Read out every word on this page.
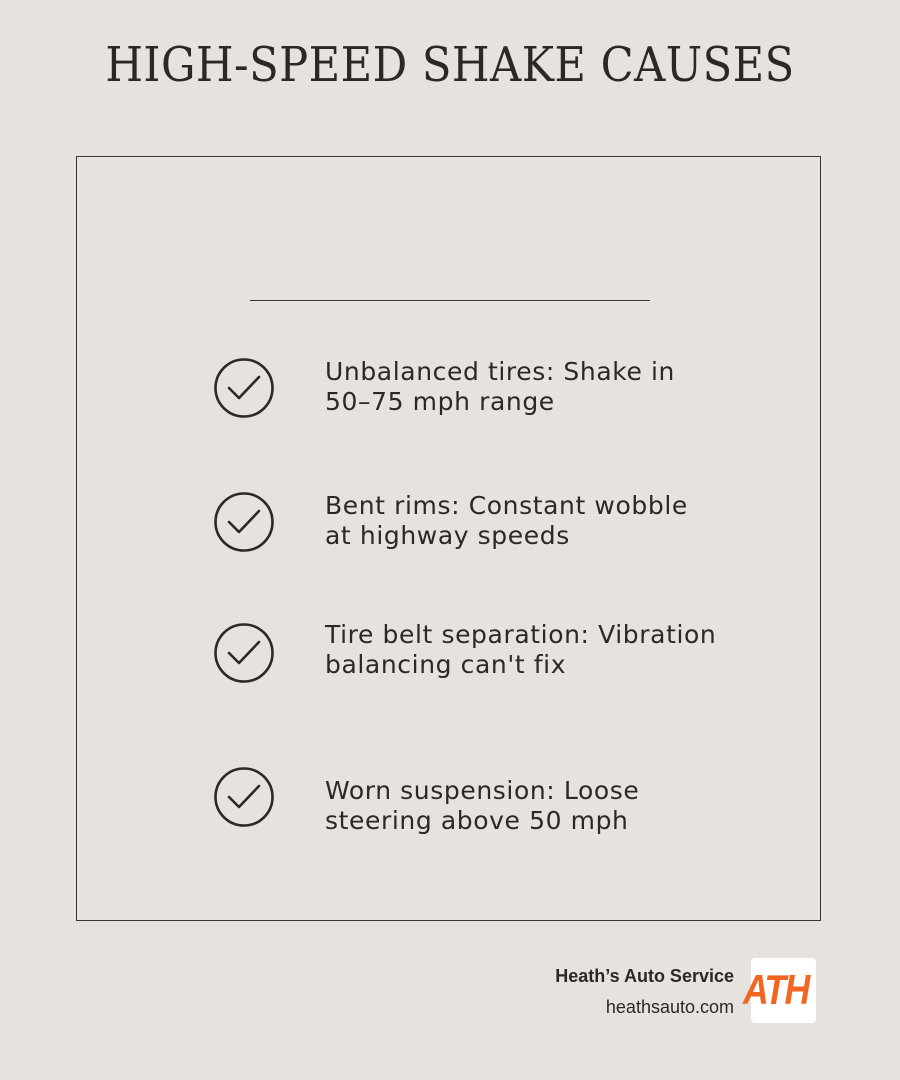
HIGH-SPEED SHAKE CAUSES
Unbalanced tires: Shake in
50–75 mph range
Bent rims: Constant wobble
at highway speeds
Tire belt separation: Vibration
balancing can't fix
Worn suspension: Loose
steering above 50 mph
Heath’s Auto Service
heathsauto.com ATH
